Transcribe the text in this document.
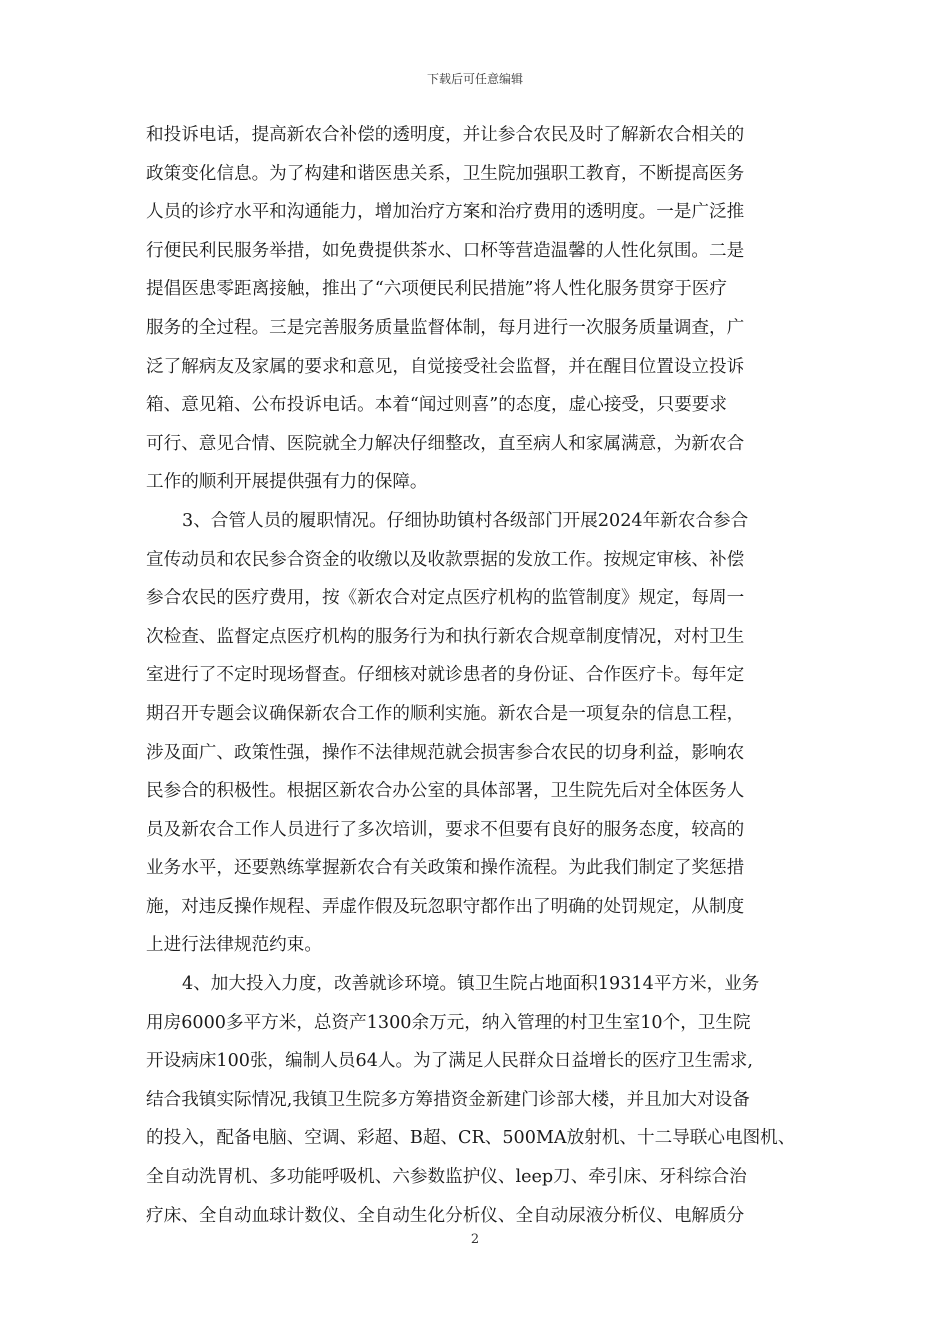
下载后可任意编辑
和投诉电话，提高新农合补偿的透明度，并让参合农民及时了解新农合相关的
政策变化信息。为了构建和谐医患关系，卫生院加强职工教育，不断提高医务
人员的诊疗水平和沟通能力，增加治疗方案和治疗费用的透明度。一是广泛推
行便民利民服务举措，如免费提供茶水、口杯等营造温馨的人性化氛围。二是
提倡医患零距离接触，推出了“六项便民利民措施”将人性化服务贯穿于医疗
服务的全过程。三是完善服务质量监督体制，每月进行一次服务质量调查，广
泛了解病友及家属的要求和意见，自觉接受社会监督，并在醒目位置设立投诉
箱、意见箱、公布投诉电话。本着“闻过则喜”的态度，虚心接受，只要要求
可行、意见合情、医院就全力解决仔细整改，直至病人和家属满意，为新农合
工作的顺利开展提供强有力的保障。
3、合管人员的履职情况。仔细协助镇村各级部门开展2024年新农合参合
宣传动员和农民参合资金的收缴以及收款票据的发放工作。按规定审核、补偿
参合农民的医疗费用，按《新农合对定点医疗机构的监管制度》规定，每周一
次检查、监督定点医疗机构的服务行为和执行新农合规章制度情况，对村卫生
室进行了不定时现场督查。仔细核对就诊患者的身份证、合作医疗卡。每年定
期召开专题会议确保新农合工作的顺利实施。新农合是一项复杂的信息工程，
涉及面广、政策性强，操作不法律规范就会损害参合农民的切身利益，影响农
民参合的积极性。根据区新农合办公室的具体部署，卫生院先后对全体医务人
员及新农合工作人员进行了多次培训，要求不但要有良好的服务态度，较高的
业务水平，还要熟练掌握新农合有关政策和操作流程。为此我们制定了奖惩措
施，对违反操作规程、弄虚作假及玩忽职守都作出了明确的处罚规定，从制度
上进行法律规范约束。
4、加大投入力度，改善就诊环境。镇卫生院占地面积19314平方米，业务
用房6000多平方米，总资产1300余万元，纳入管理的村卫生室10个，卫生院
开设病床100张，编制人员64人。为了满足人民群众日益增长的医疗卫生需求,
结合我镇实际情况,我镇卫生院多方筹措资金新建门诊部大楼，并且加大对设备
的投入，配备电脑、空调、彩超、B超、CR、500MA放射机、十二导联心电图机、
全自动洗胃机、多功能呼吸机、六参数监护仪、leep刀、牵引床、牙科综合治
疗床、全自动血球计数仪、全自动生化分析仪、全自动尿液分析仪、电解质分
2
